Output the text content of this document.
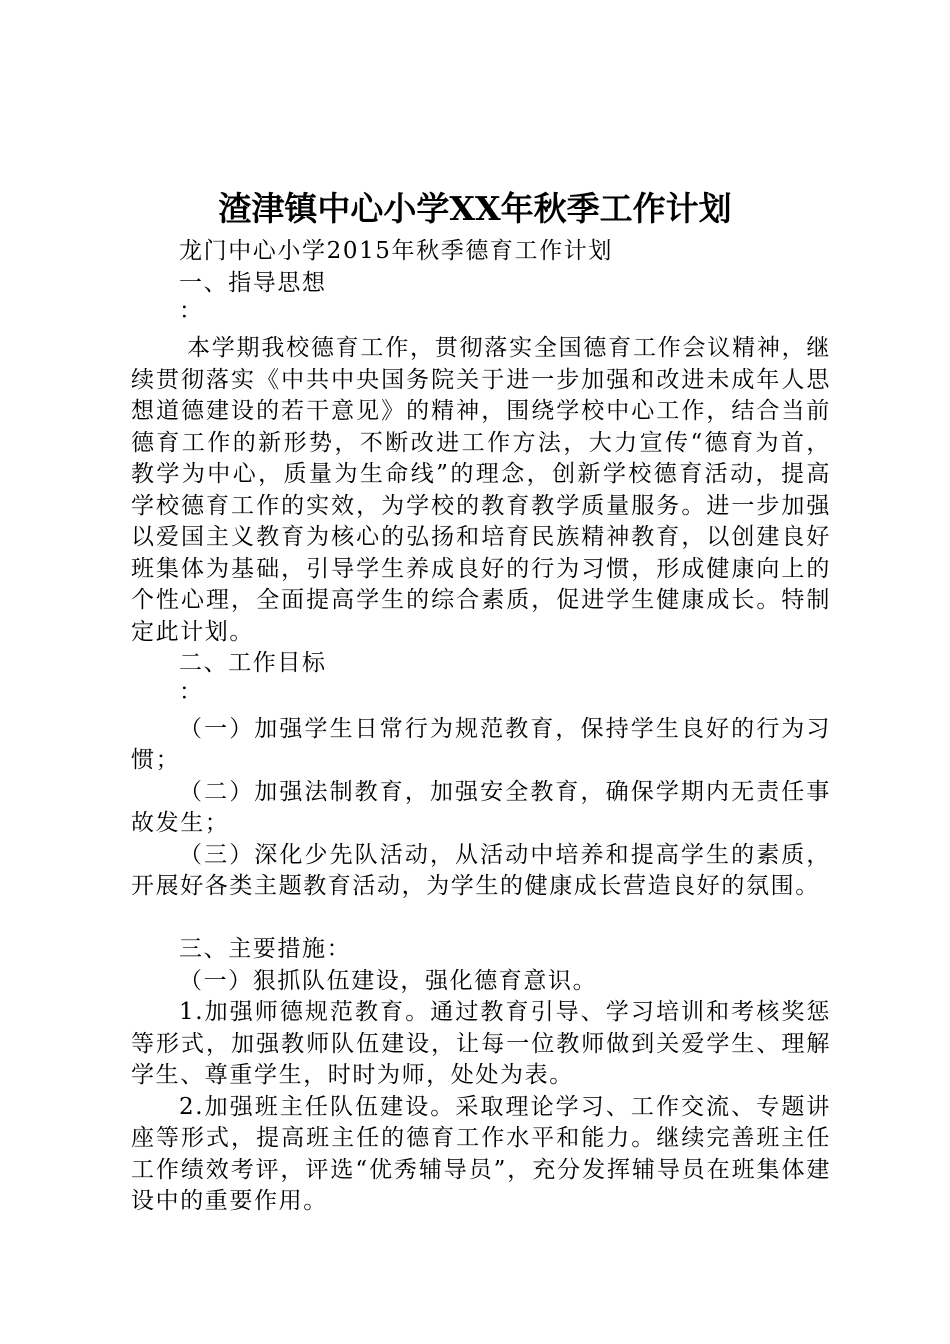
渣津镇中心小学XX年秋季工作计划

龙门中心小学2015年秋季德育工作计划

一、指导思想

：

本学期我校德育工作，贯彻落实全国德育工作会议精神，继续贯彻落实《中共中央国务院关于进一步加强和改进未成年人思想道德建设的若干意见》的精神，围绕学校中心工作，结合当前德育工作的新形势，不断改进工作方法，大力宣传“德育为首，教学为中心，质量为生命线”的理念，创新学校德育活动，提高学校德育工作的实效，为学校的教育教学质量服务。进一步加强以爱国主义教育为核心的弘扬和培育民族精神教育，以创建良好班集体为基础，引导学生养成良好的行为习惯，形成健康向上的个性心理，全面提高学生的综合素质，促进学生健康成长。特制定此计划。

二、工作目标

：

（一）加强学生日常行为规范教育，保持学生良好的行为习惯；

（二）加强法制教育，加强安全教育，确保学期内无责任事故发生；

（三）深化少先队活动，从活动中培养和提高学生的素质，开展好各类主题教育活动，为学生的健康成长营造良好的氛围。

三、主要措施：

（一）狠抓队伍建设，强化德育意识。

1.加强师德规范教育。通过教育引导、学习培训和考核奖惩等形式，加强教师队伍建设，让每一位教师做到关爱学生、理解学生、尊重学生，时时为师，处处为表。

2.加强班主任队伍建设。采取理论学习、工作交流、专题讲座等形式，提高班主任的德育工作水平和能力。继续完善班主任工作绩效考评，评选“优秀辅导员”，充分发挥辅导员在班集体建设中的重要作用。
